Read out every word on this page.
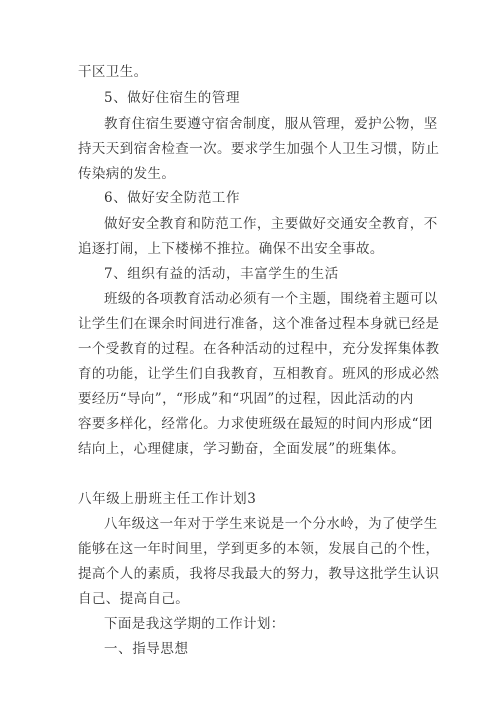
干区卫生。
5、做好住宿生的管理
教育住宿生要遵守宿舍制度，服从管理，爱护公物，坚
持天天到宿舍检查一次。要求学生加强个人卫生习惯，防止
传染病的发生。
6、做好安全防范工作
做好安全教育和防范工作，主要做好交通安全教育，不
追逐打闹，上下楼梯不推拉。确保不出安全事故。
7、组织有益的活动，丰富学生的生活
班级的各项教育活动必须有一个主题，围绕着主题可以
让学生们在课余时间进行准备，这个准备过程本身就已经是
一个受教育的过程。在各种活动的过程中，充分发挥集体教
育的功能，让学生们自我教育，互相教育。班风的形成必然
要经历“导向”，“形成”和“巩固”的过程，因此活动的内
容要多样化，经常化。力求使班级在最短的时间内形成“团
结向上，心理健康，学习勤奋，全面发展”的班集体。
八年级上册班主任工作计划3
八年级这一年对于学生来说是一个分水岭，为了使学生
能够在这一年时间里，学到更多的本领，发展自己的个性，
提高个人的素质，我将尽我最大的努力，教导这批学生认识
自己、提高自己。
下面是我这学期的工作计划：
一、指导思想
